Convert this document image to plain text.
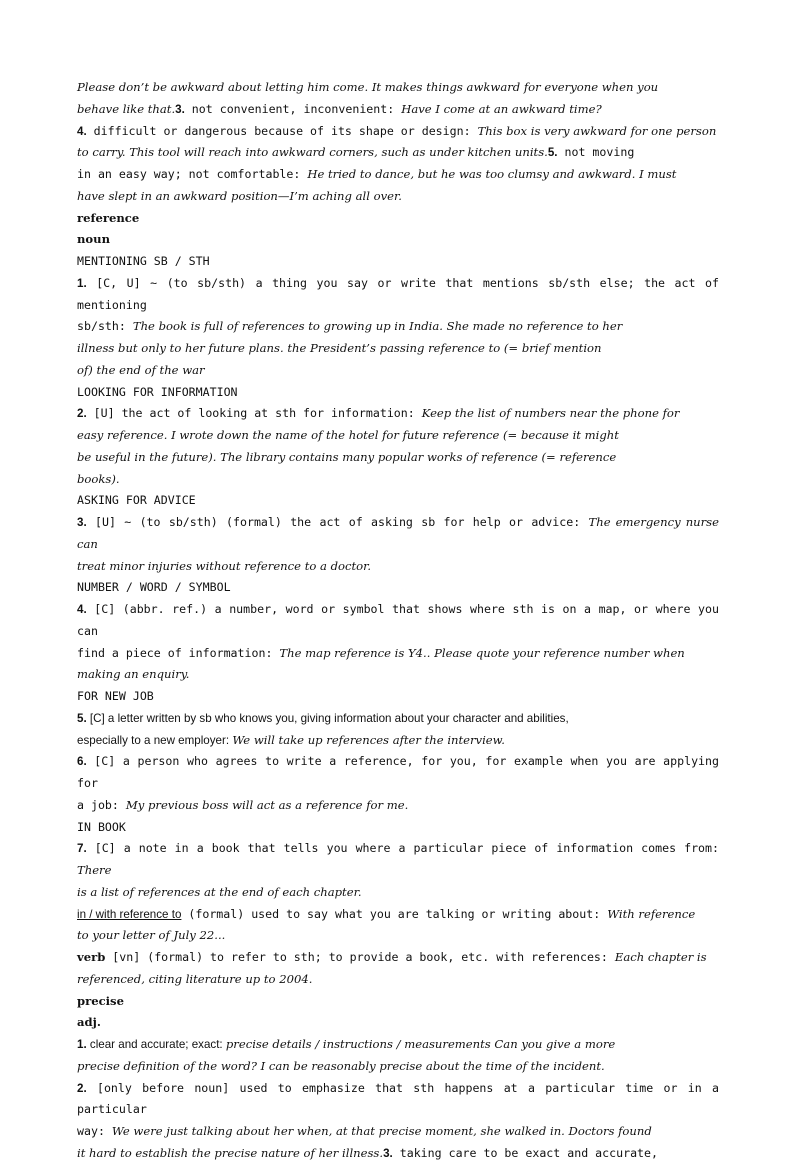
Please don’t be awkward about letting him come. It makes things awkward for everyone when you

behave like that.3. not convenient, inconvenient: Have I come at an awkward time?

4. difficult or dangerous because of its shape or design: This box is very awkward for one person

to carry. This tool will reach into awkward corners, such as under kitchen units.5. not moving

in an easy way; not comfortable: He tried to dance, but he was too clumsy and awkward. I must

have slept in an awkward position—I’m aching all over.

reference

noun

MENTIONING SB / STH

1. [C, U] ~ (to sb/sth) a thing you say or write that mentions sb/sth else; the act of mentioning

sb/sth: The book is full of references to growing up in India. She made no reference to her

illness but only to her future plans. the President’s passing reference to (= brief mention

of) the end of the war

LOOKING FOR INFORMATION

2. [U] the act of looking at sth for information: Keep the list of numbers near the phone for

easy reference. I wrote down the name of the hotel for future reference (= because it might

be useful in the future). The library contains many popular works of reference (= reference

books).

ASKING FOR ADVICE

3. [U] ~ (to sb/sth) (formal) the act of asking sb for help or advice: The emergency nurse can

treat minor injuries without reference to a doctor.

NUMBER / WORD / SYMBOL

4. [C] (abbr. ref.) a number, word or symbol that shows where sth is on a map, or where you can

find a piece of information: The map reference is Y4.. Please quote your reference number when

making an enquiry.

FOR NEW JOB

5. [C] a letter written by sb who knows you, giving information about your character and abilities,

especially to a new employer: We will take up references after the interview.

6. [C] a person who agrees to write a reference, for you, for example when you are applying for

a job: My previous boss will act as a reference for me.

IN BOOK

7. [C] a note in a book that tells you where a particular piece of information comes from: There

is a list of references at the end of each chapter.

in / with reference to (formal) used to say what you are talking or writing about: With reference

to your letter of July 22...

verb [vn] (formal) to refer to sth; to provide a book, etc. with references: Each chapter is

referenced, citing literature up to 2004.

precise

adj.

1. clear and accurate; exact: precise details / instructions / measurements Can you give a more

precise definition of the word? I can be reasonably precise about the time of the incident.

2. [only before noun] used to emphasize that sth happens at a particular time or in a particular

way: We were just talking about her when, at that precise moment, she walked in. Doctors found

it hard to establish the precise nature of her illness.3. taking care to be exact and accurate,
